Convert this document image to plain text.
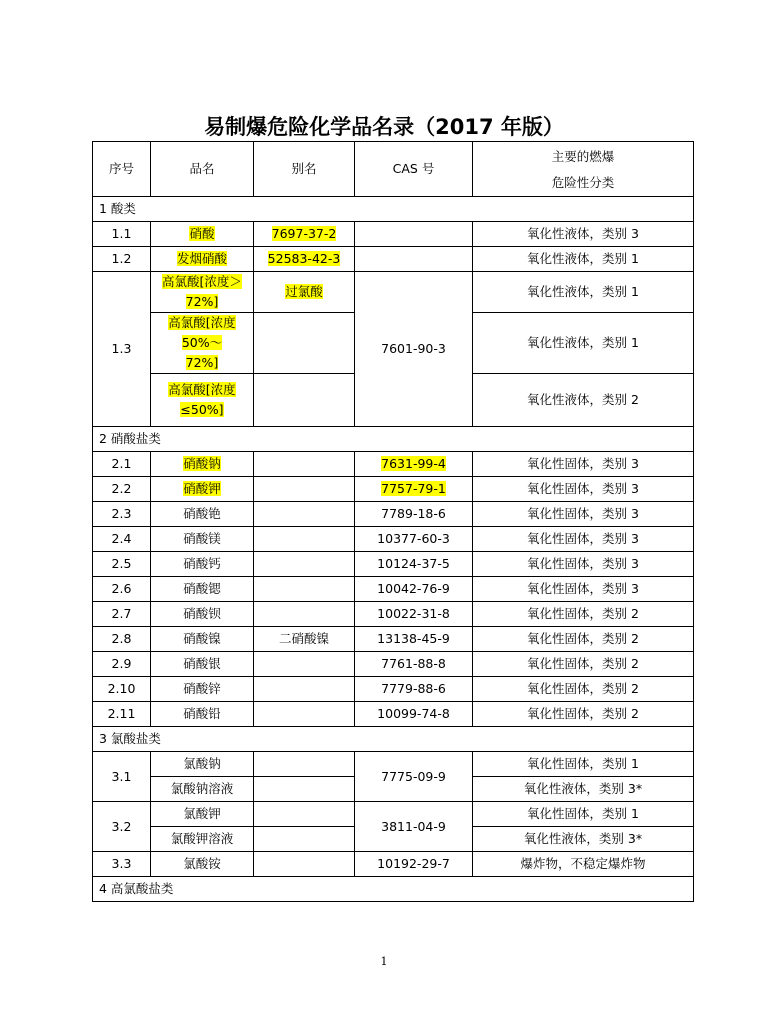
易制爆危险化学品名录（2017 年版）
序号	品名	别名	CAS 号	主要的燃爆
危险性分类

1 酸类				
1.1	硝酸	7697-37-2		氧化性液体，类别 3
1.2	发烟硝酸	52583-42-3		氧化性液体，类别 1
1.3	高氯酸[浓度＞72%]	过氯酸	7601-90-3	氧化性液体，类别 1
	高氯酸[浓度 50%～
72%]			氧化性液体，类别 1
	高氯酸[浓度
≤50%]			氧化性液体，类别 2
2 硝酸盐类				
2.1	硝酸钠		7631-99-4	氧化性固体，类别 3
2.2	硝酸钾		7757-79-1	氧化性固体，类别 3
2.3	硝酸铯		7789-18-6	氧化性固体，类别 3
2.4	硝酸镁		10377-60-3	氧化性固体，类别 3
2.5	硝酸钙		10124-37-5	氧化性固体，类别 3
2.6	硝酸锶		10042-76-9	氧化性固体，类别 3
2.7	硝酸钡		10022-31-8	氧化性固体，类别 2
2.8	硝酸镍	二硝酸镍	13138-45-9	氧化性固体，类别 2
2.9	硝酸银		7761-88-8	氧化性固体，类别 2
2.10	硝酸锌		7779-88-6	氧化性固体，类别 2
2.11	硝酸铅		10099-74-8	氧化性固体，类别 2
3 氯酸盐类				
3.1	氯酸钠		7775-09-9	氧化性固体，类别 1
	氯酸钠溶液			氧化性液体，类别 3*
3.2	氯酸钾		3811-04-9	氧化性固体，类别 1
	氯酸钾溶液			氧化性液体，类别 3*
3.3	氯酸铵		10192-29-7	爆炸物，不稳定爆炸物
4 高氯酸盐类				
1
